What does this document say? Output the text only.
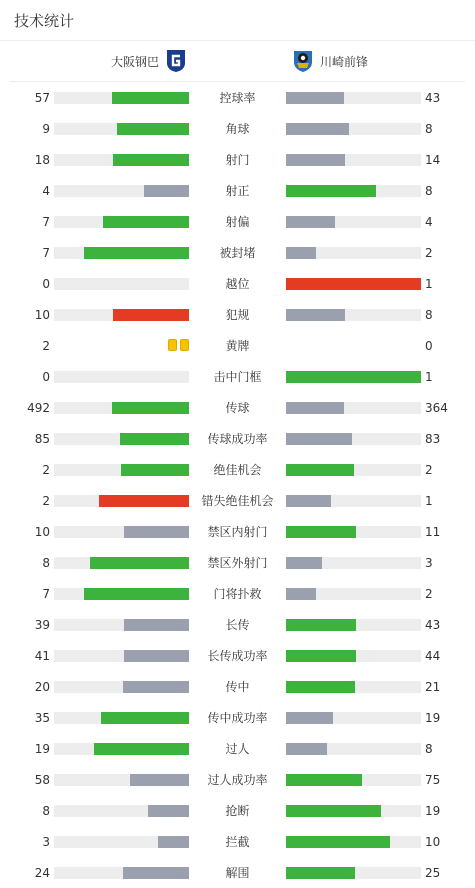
技术统计
大阪钢巴	川崎前锋
57	控球率	43
9	角球	8
18	射门	14
4	射正	8
7	射偏	4
7	被封堵	2
0	越位	1
10	犯规	8
2	黄牌	0
0	击中门框	1
492	传球	364
85	传球成功率	83
2	绝佳机会	2
2	错失绝佳机会	1
10	禁区内射门	11
8	禁区外射门	3
7	门将扑救	2
39	长传	43
41	长传成功率	44
20	传中	21
35	传中成功率	19
19	过人	8
58	过人成功率	75
8	抢断	19
3	拦截	10
24	解围	25
